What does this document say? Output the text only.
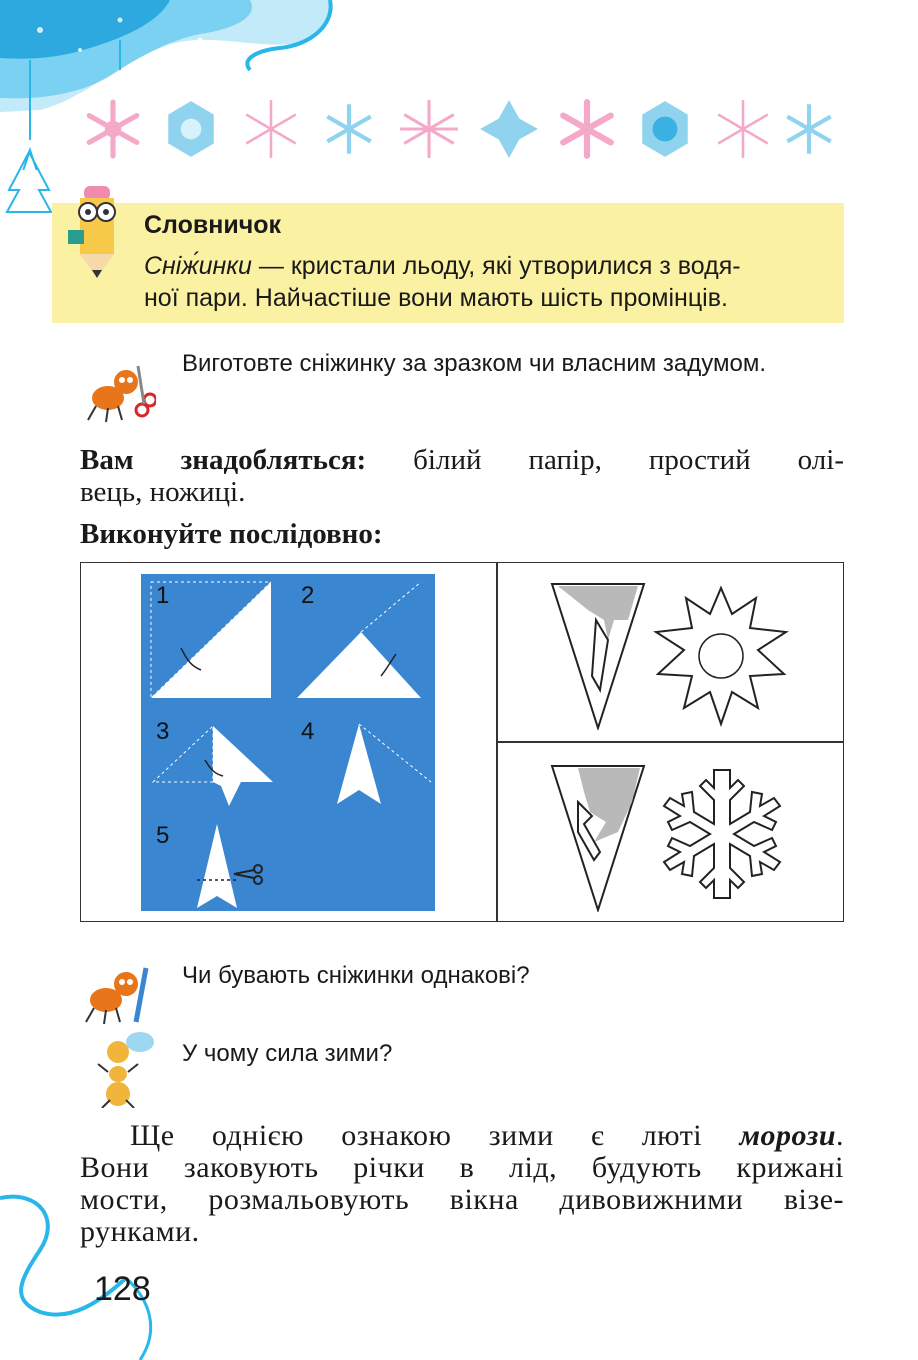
Словничок
Сніж́инки — кристали льоду, які утворилися з водя-
ної пари. Найчастіше вони мають шість промінців.
Виготовте сніжинку за зразком чи власним задумом.
Вам знадобляться: білий папір, простий олі-
вець, ножиці.
Виконуйте послідовно:
1	2
3	4
5
Чи бувають сніжинки однакові?
У чому сила зими?
Ще однією ознакою зими є люті морози.
Вони заковують річки в лід, будують крижані
мости, розмальовують вікна дивовижними візе-
рунками.
128
